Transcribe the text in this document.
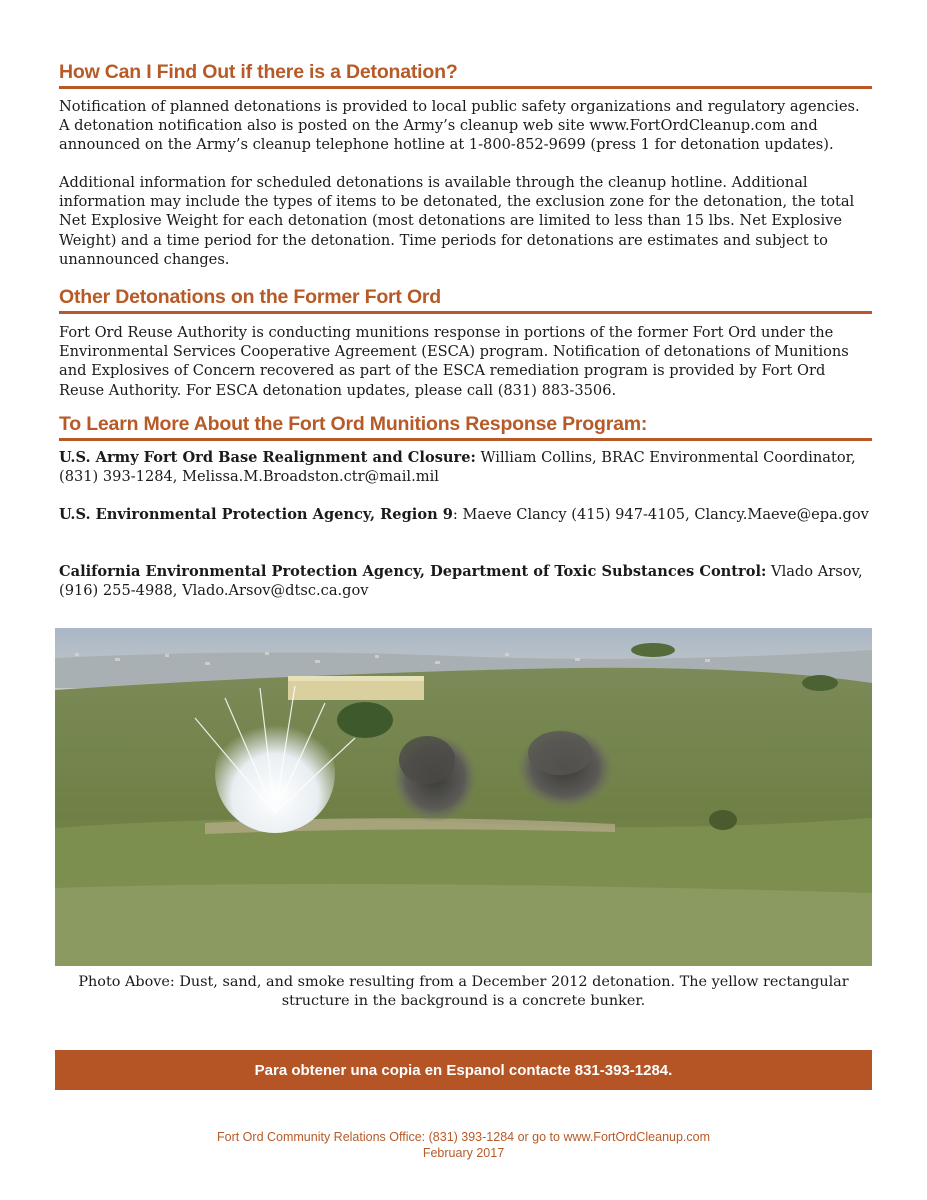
How Can I Find Out if there is a Detonation?

Notification of planned detonations is provided to local public safety organizations and regulatory agencies. A detonation notification also is posted on the Army’s cleanup web site www.FortOrdCleanup.com and announced on the Army’s cleanup telephone hotline at 1-800-852-9699 (press 1 for detonation updates).

Additional information for scheduled detonations is available through the cleanup hotline. Additional information may include the types of items to be detonated, the exclusion zone for the detonation, the total Net Explosive Weight for each detonation (most detonations are limited to less than 15 lbs. Net Explosive Weight) and a time period for the detonation. Time periods for detonations are estimates and subject to unannounced changes.

Other Detonations on the Former Fort Ord

Fort Ord Reuse Authority is conducting munitions response in portions of the former Fort Ord under the Environmental Services Cooperative Agreement (ESCA) program. Notification of detonations of Munitions and Explosives of Concern recovered as part of the ESCA remediation program is provided by Fort Ord Reuse Authority. For ESCA detonation updates, please call (831) 883-3506.

To Learn More About the Fort Ord Munitions Response Program:

U.S. Army Fort Ord Base Realignment and Closure: William Collins, BRAC Environmental Coordinator, (831) 393-1284, Melissa.M.Broadston.ctr@mail.mil

U.S. Environmental Protection Agency, Region 9: Maeve Clancy (415) 947-4105, Clancy.Maeve@epa.gov

California Environmental Protection Agency, Department of Toxic Substances Control: Vlado Arsov, (916) 255-4988, Vlado.Arsov@dtsc.ca.gov

Photo Above: Dust, sand, and smoke resulting from a December 2012 detonation. The yellow rectangular structure in the background is a concrete bunker.
Para obtener una copia en Espanol contacte 831-393-1284.
Fort Ord Community Relations Office: (831) 393-1284 or go to www.FortOrdCleanup.com
February 2017
